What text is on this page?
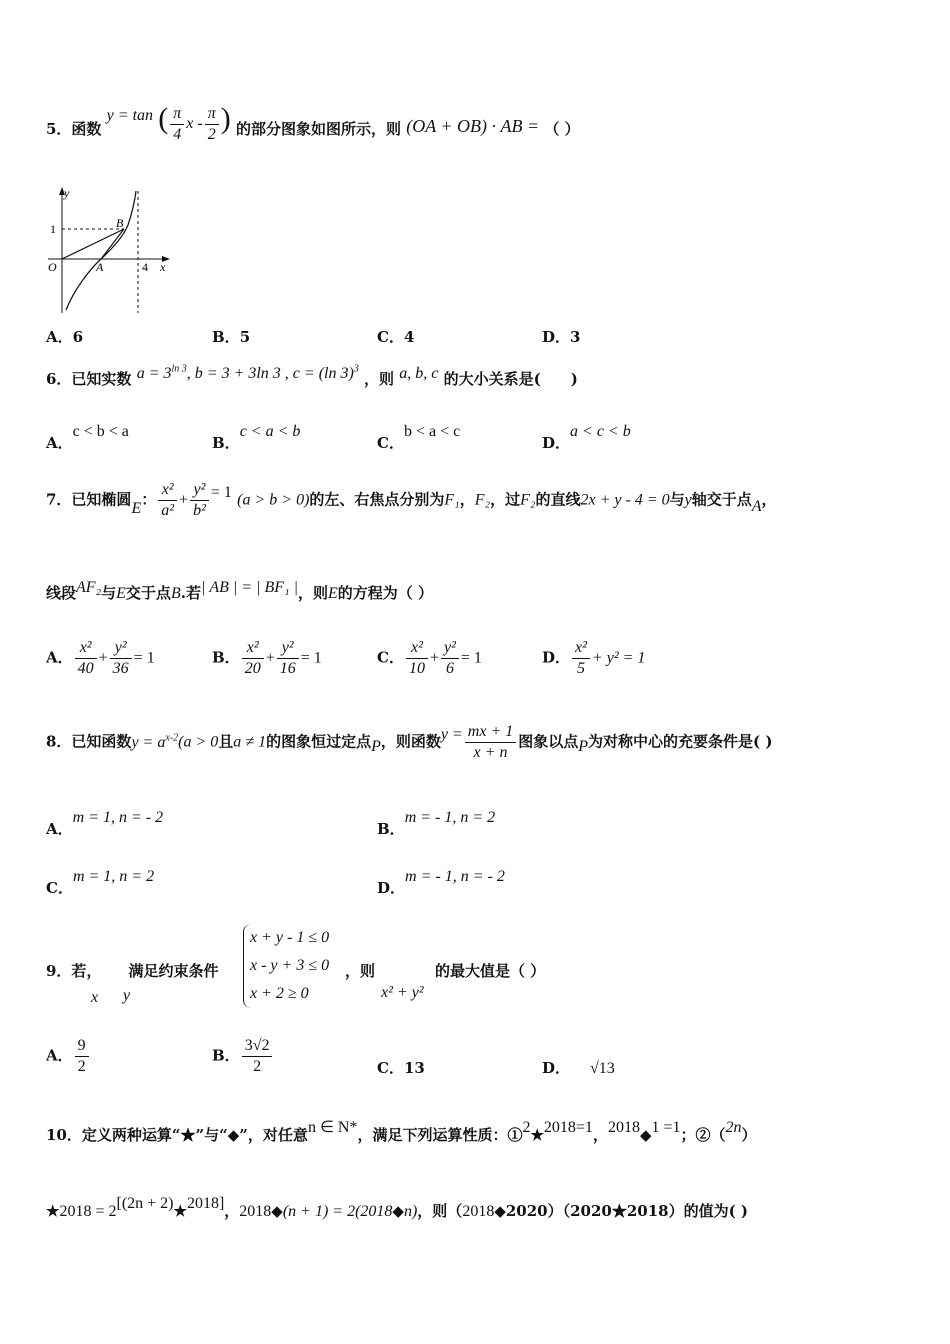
5．函数 y = tan ( $\frac{\pi}{4}$ x - $\frac{\pi}{2}$ ) 的部分图象如图所示，则 (OA + OB) · AB = （ ）
y
x
O	A
B
1
4
A．6	B．5	C．4	D．3
6．已知实数 $a = 3^{ln 3}$, b = 3 + 3ln 3 , c = (ln 3)$^3$ ，则 a, b, c 的大小关系是(　　)
A．c < b < a
B．c < a < b
C．b < a < c
D．a < c < b
7．已知椭圆E： $\frac{\text{x²}}{\text{a²}} + \frac{\text{y²}}{\text{b²}} = 1$ (a > b > 0)的左、右焦点分别为F₁，F₂，过F₂的直线2x + y - 4 = 0与y轴交于点A，
线段AF₂与E交于点B.若| AB | = | BF₁ |，则E的方程为（ ）
A． $\frac{\text{x²}}{40} + \frac{\text{y²}}{36} = 1$	B． $\frac{\text{x²}}{20} + \frac{\text{y²}}{16} = 1$	C． $\frac{\text{x²}}{10} + \frac{\text{y²}}{6} = 1$	D． $\frac{\text{x²}}{5} + y^2 = 1$
8．已知函数$y = a^{x-2}(a > 0$且a ≠ 1的图象恒过定点P，则函数$y = \frac{mx + 1}{x + n}$ 图象以点P为对称中心的充要条件是( )
A．m = 1, n = - 2
B．m = - 1, n = 2
C．m = 1, n = 2
D．m = - 1, n = - 2
9．若， 满足约束条件
x y
x + y - 1 ≤ 0
x - y + 3 ≤ 0
x + 2 ≥ 0
，则
x² + y²
的最大值是（ ）
A． $\frac{9}{2}$	B． $\frac{3√2}{2}$	C．13	D． √13
10．定义两种运算“★”与“◆”，对任意n ∈ N*，满足下列运算性质：①2★2018=1，2018◆1 =1；②（2n）
★2018 = 2[(2n + 2)★2018]，2018◆(n + 1) = 2(2018◆n)，则（2018◆2020）（2020★2018）的值为( )
